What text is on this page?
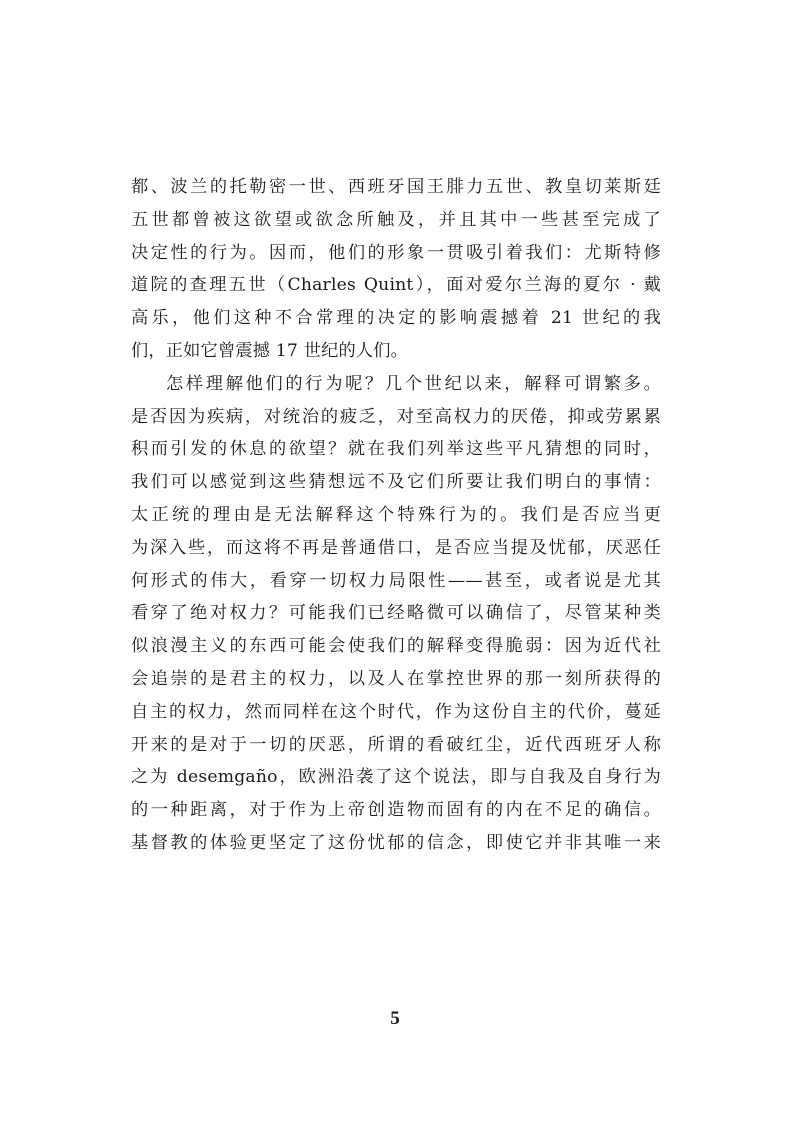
都、波兰的托勒密一世、西班牙国王腓力五世、教皇切莱斯廷
五世都曾被这欲望或欲念所触及，并且其中一些甚至完成了
决定性的行为。因而，他们的形象一贯吸引着我们：尤斯特修
道院的查理五世（Charles Quint），面对爱尔兰海的夏尔 · 戴
高乐，他们这种不合常理的决定的影响震撼着 21 世纪的我
们，正如它曾震撼 17 世纪的人们。
怎样理解他们的行为呢？几个世纪以来，解释可谓繁多。
是否因为疾病，对统治的疲乏，对至高权力的厌倦，抑或劳累累
积而引发的休息的欲望？就在我们列举这些平凡猜想的同时，
我们可以感觉到这些猜想远不及它们所要让我们明白的事情：
太正统的理由是无法解释这个特殊行为的。我们是否应当更
为深入些，而这将不再是普通借口，是否应当提及忧郁，厌恶任
何形式的伟大，看穿一切权力局限性——甚至，或者说是尤其
看穿了绝对权力？可能我们已经略微可以确信了，尽管某种类
似浪漫主义的东西可能会使我们的解释变得脆弱：因为近代社
会追崇的是君主的权力，以及人在掌控世界的那一刻所获得的
自主的权力，然而同样在这个时代，作为这份自主的代价，蔓延
开来的是对于一切的厌恶，所谓的看破红尘，近代西班牙人称
之为 desemgaño，欧洲沿袭了这个说法，即与自我及自身行为
的一种距离，对于作为上帝创造物而固有的内在不足的确信。
基督教的体验更坚定了这份忧郁的信念，即使它并非其唯一来
5
